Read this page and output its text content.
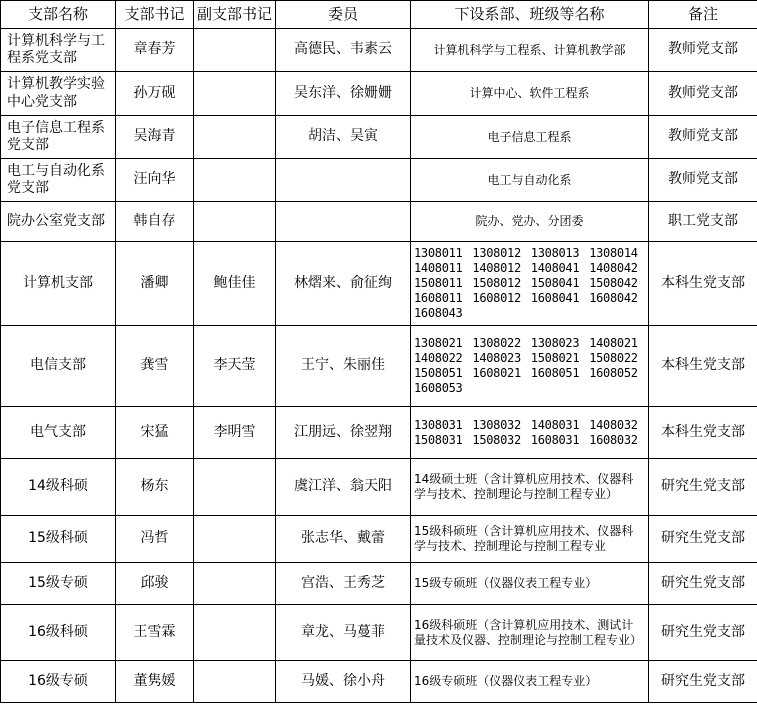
支部名称	支部书记	副支部书记	委员	下设系部、班级等名称	备注
计算机科学与工程系党支部	章春芳		高德民、韦素云	计算机科学与工程系、计算机教学部	教师党支部
计算机教学实验中心党支部	孙万砚		吴东洋、徐姗姗	计算中心、软件工程系	教师党支部
电子信息工程系党支部	吴海青		胡洁、吴寅	电子信息工程系	教师党支部
电工与自动化系党支部	汪向华			电工与自动化系	教师党支部
院办公室党支部	韩自存			院办、党办、分团委	职工党支部
计算机支部	潘卿	鲍佳佳	林熠来、俞征绚	1308011 1308012 1308013 1308014 1408011 1408012 1408041 1408042 1508011 1508012 1508041 1508042 1608011 1608012 1608041 1608042 1608043	本科生党支部
电信支部	龚雪	李天莹	王宁、朱丽佳	1308021 1308022 1308023 1408021 1408022 1408023 1508021 1508022 1508051 1608021 1608051 1608052 1608053	本科生党支部
电气支部	宋猛	李明雪	江朋远、徐翌翔	1308031 1308032 1408031 1408032 1508031 1508032 1608031 1608032	本科生党支部
14级科硕	杨东		虞江洋、翁天阳	14级硕士班（含计算机应用技术、仪器科学与技术、控制理论与控制工程专业）	研究生党支部
15级科硕	冯哲		张志华、戴蕾	15级科硕班（含计算机应用技术、仪器科学与技术、控制理论与控制工程专业	研究生党支部
15级专硕	邱骏		宫浩、王秀芝	15级专硕班（仪器仪表工程专业）	研究生党支部
16级科硕	王雪霖		章龙、马蔓菲	16级科硕班（含计算机应用技术、测试计量技术及仪器、控制理论与控制工程专业）	研究生党支部
16级专硕	董隽媛		马媛、徐小舟	16级专硕班（仪器仪表工程专业）	研究生党支部
